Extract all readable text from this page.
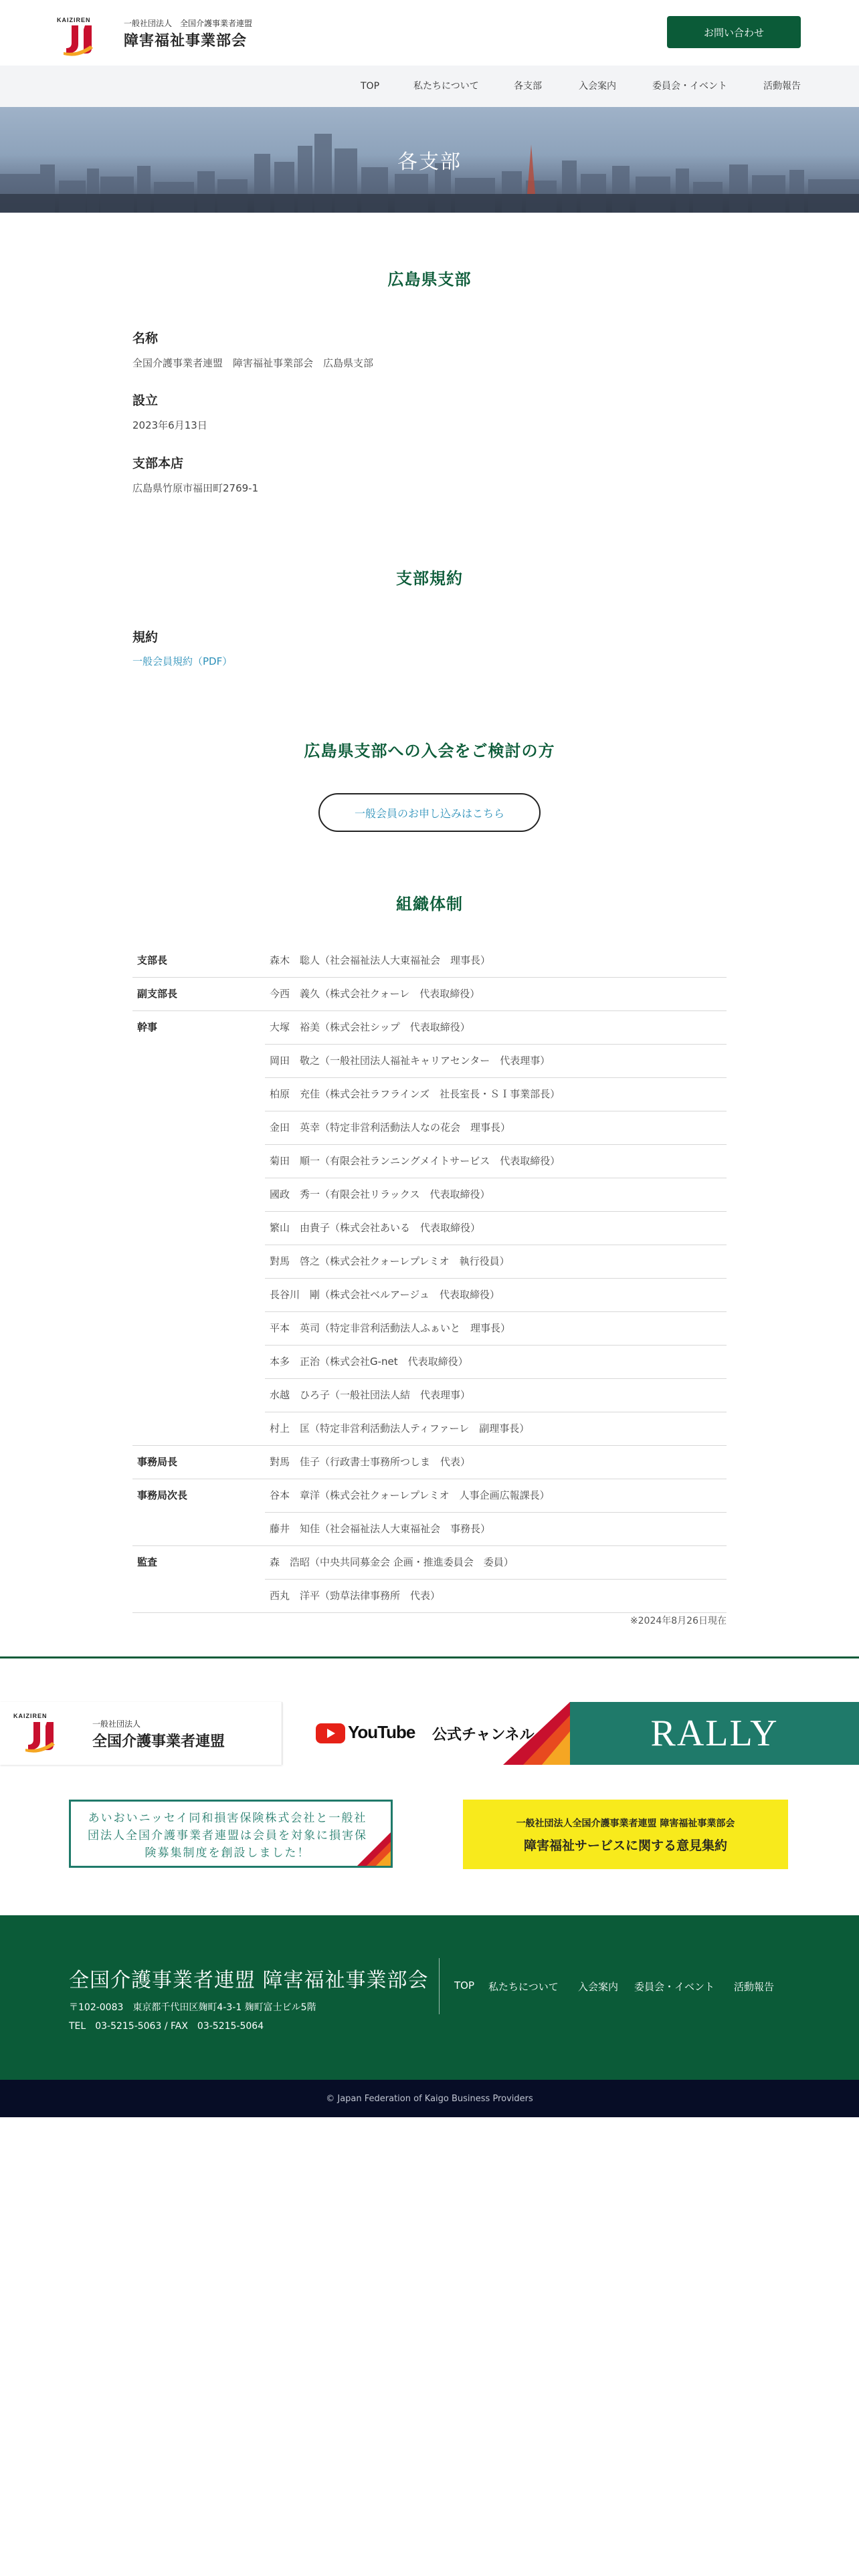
KAIZIREN	一般社団法人　全国介護事業者連盟
障害福祉事業部会
お問い合わせ
TOP	私たちについて	各支部	入会案内	委員会・イベント	活動報告
各支部
広島県支部
名称
全国介護事業者連盟　障害福祉事業部会　広島県支部
設立
2023年6月13日
支部本店
広島県竹原市福田町2769-1
支部規約
規約
一般会員規約（PDF）
広島県支部への入会をご検討の方
一般会員のお申し込みはこちら
組織体制
支部長	森木　聡人（社会福祉法人大東福祉会　理事長）
副支部長	今西　義久（株式会社クォーレ　代表取締役）
幹事	大塚　裕美（株式会社シップ　代表取締役）
岡田　敬之（一般社団法人福祉キャリアセンター　代表理事）
柏原　充佳（株式会社ラフラインズ　社長室長・ＳＩ事業部長）
金田　英幸（特定非営利活動法人なの花会　理事長）
菊田　順一（有限会社ランニングメイトサービス　代表取締役）
國政　秀一（有限会社リラックス　代表取締役）
繁山　由貴子（株式会社あいる　代表取締役）
對馬　啓之（株式会社クォーレプレミオ　執行役員）
長谷川　剛（株式会社ベルアージュ　代表取締役）
平本　英司（特定非営利活動法人ふぁいと　理事長）
本多　正治（株式会社G-net　代表取締役）
水越　ひろ子（一般社団法人結　代表理事）
村上　匡（特定非営利活動法人ティファーレ　副理事長）
事務局長	對馬　佳子（行政書士事務所つしま　代表）
事務局次長	谷本　章洋（株式会社クォーレプレミオ　人事企画広報課長）
藤井　知佳（社会福祉法人大東福祉会　事務長）
監査	森　浩昭（中央共同募金会 企画・推進委員会　委員）
西丸　洋平（勁草法律事務所　代表）
※2024年8月26日現在
KAIZIREN
一般社団法人
全国介護事業者連盟	YouTube 公式チャンネル	RALLY
あいおいニッセイ同和損害保険株式会社と一般社団法人全国介護事業者連盟は会員を対象に損害保険募集制度を創設しました！
一般社団法人全国介護事業者連盟 障害福祉事業部会
障害福祉サービスに関する意見集約
全国介護事業者連盟 障害福祉事業部会
〒102-0083　東京都千代田区麹町4-3-1 麹町富士ビル5階
TEL　03-5215-5063 / FAX　03-5215-5064
TOP 私たちについて 入会案内 委員会・イベント 活動報告
© Japan Federation of Kaigo Business Providers
